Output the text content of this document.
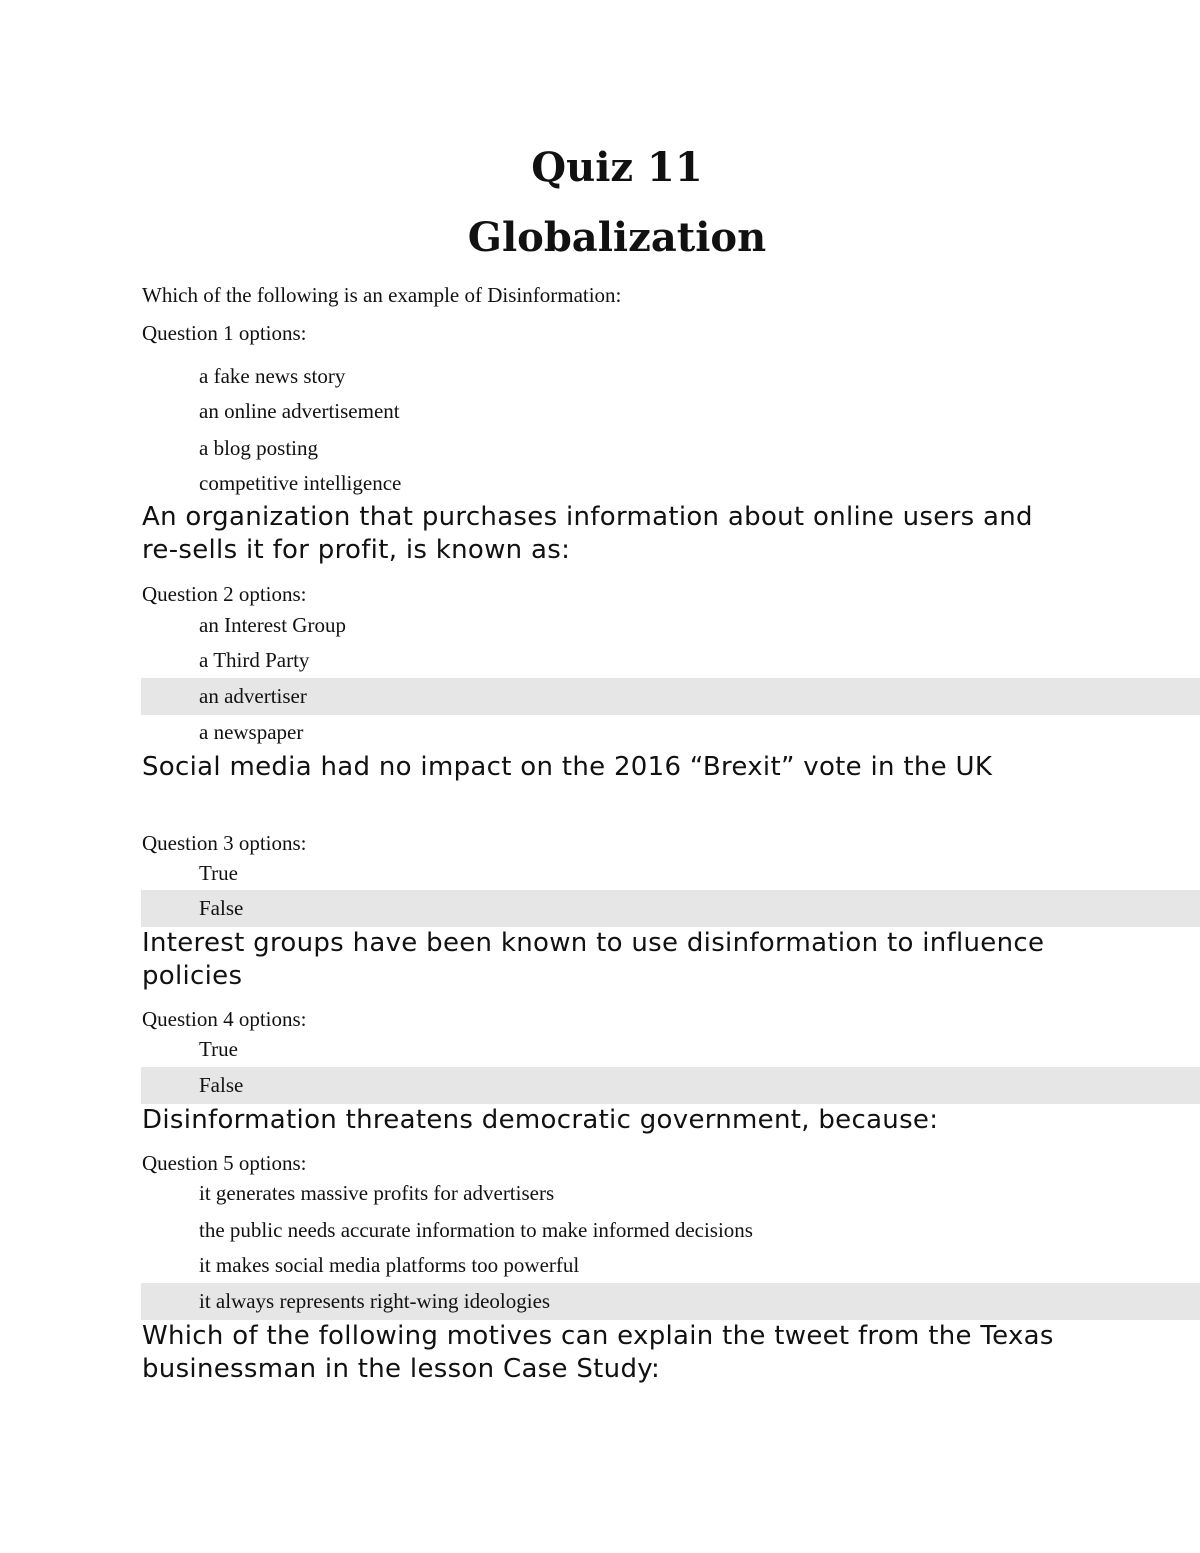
Quiz 11
Globalization
Which of the following is an example of Disinformation:
Question 1 options:
a fake news story
an online advertisement
a blog posting
competitive intelligence

An organization that purchases information about online users and re-sells it for profit, is known as:

Question 2 options:
an Interest Group
a Third Party
an advertiser
a newspaper

Social media had no impact on the 2016 “Brexit” vote in the UK

Question 3 options:
True
False

Interest groups have been known to use disinformation to influence policies

Question 4 options:
True
False

Disinformation threatens democratic government, because:

Question 5 options:
it generates massive profits for advertisers
the public needs accurate information to make informed decisions
it makes social media platforms too powerful
it always represents right-wing ideologies

Which of the following motives can explain the tweet from the Texas businessman in the lesson Case Study:
